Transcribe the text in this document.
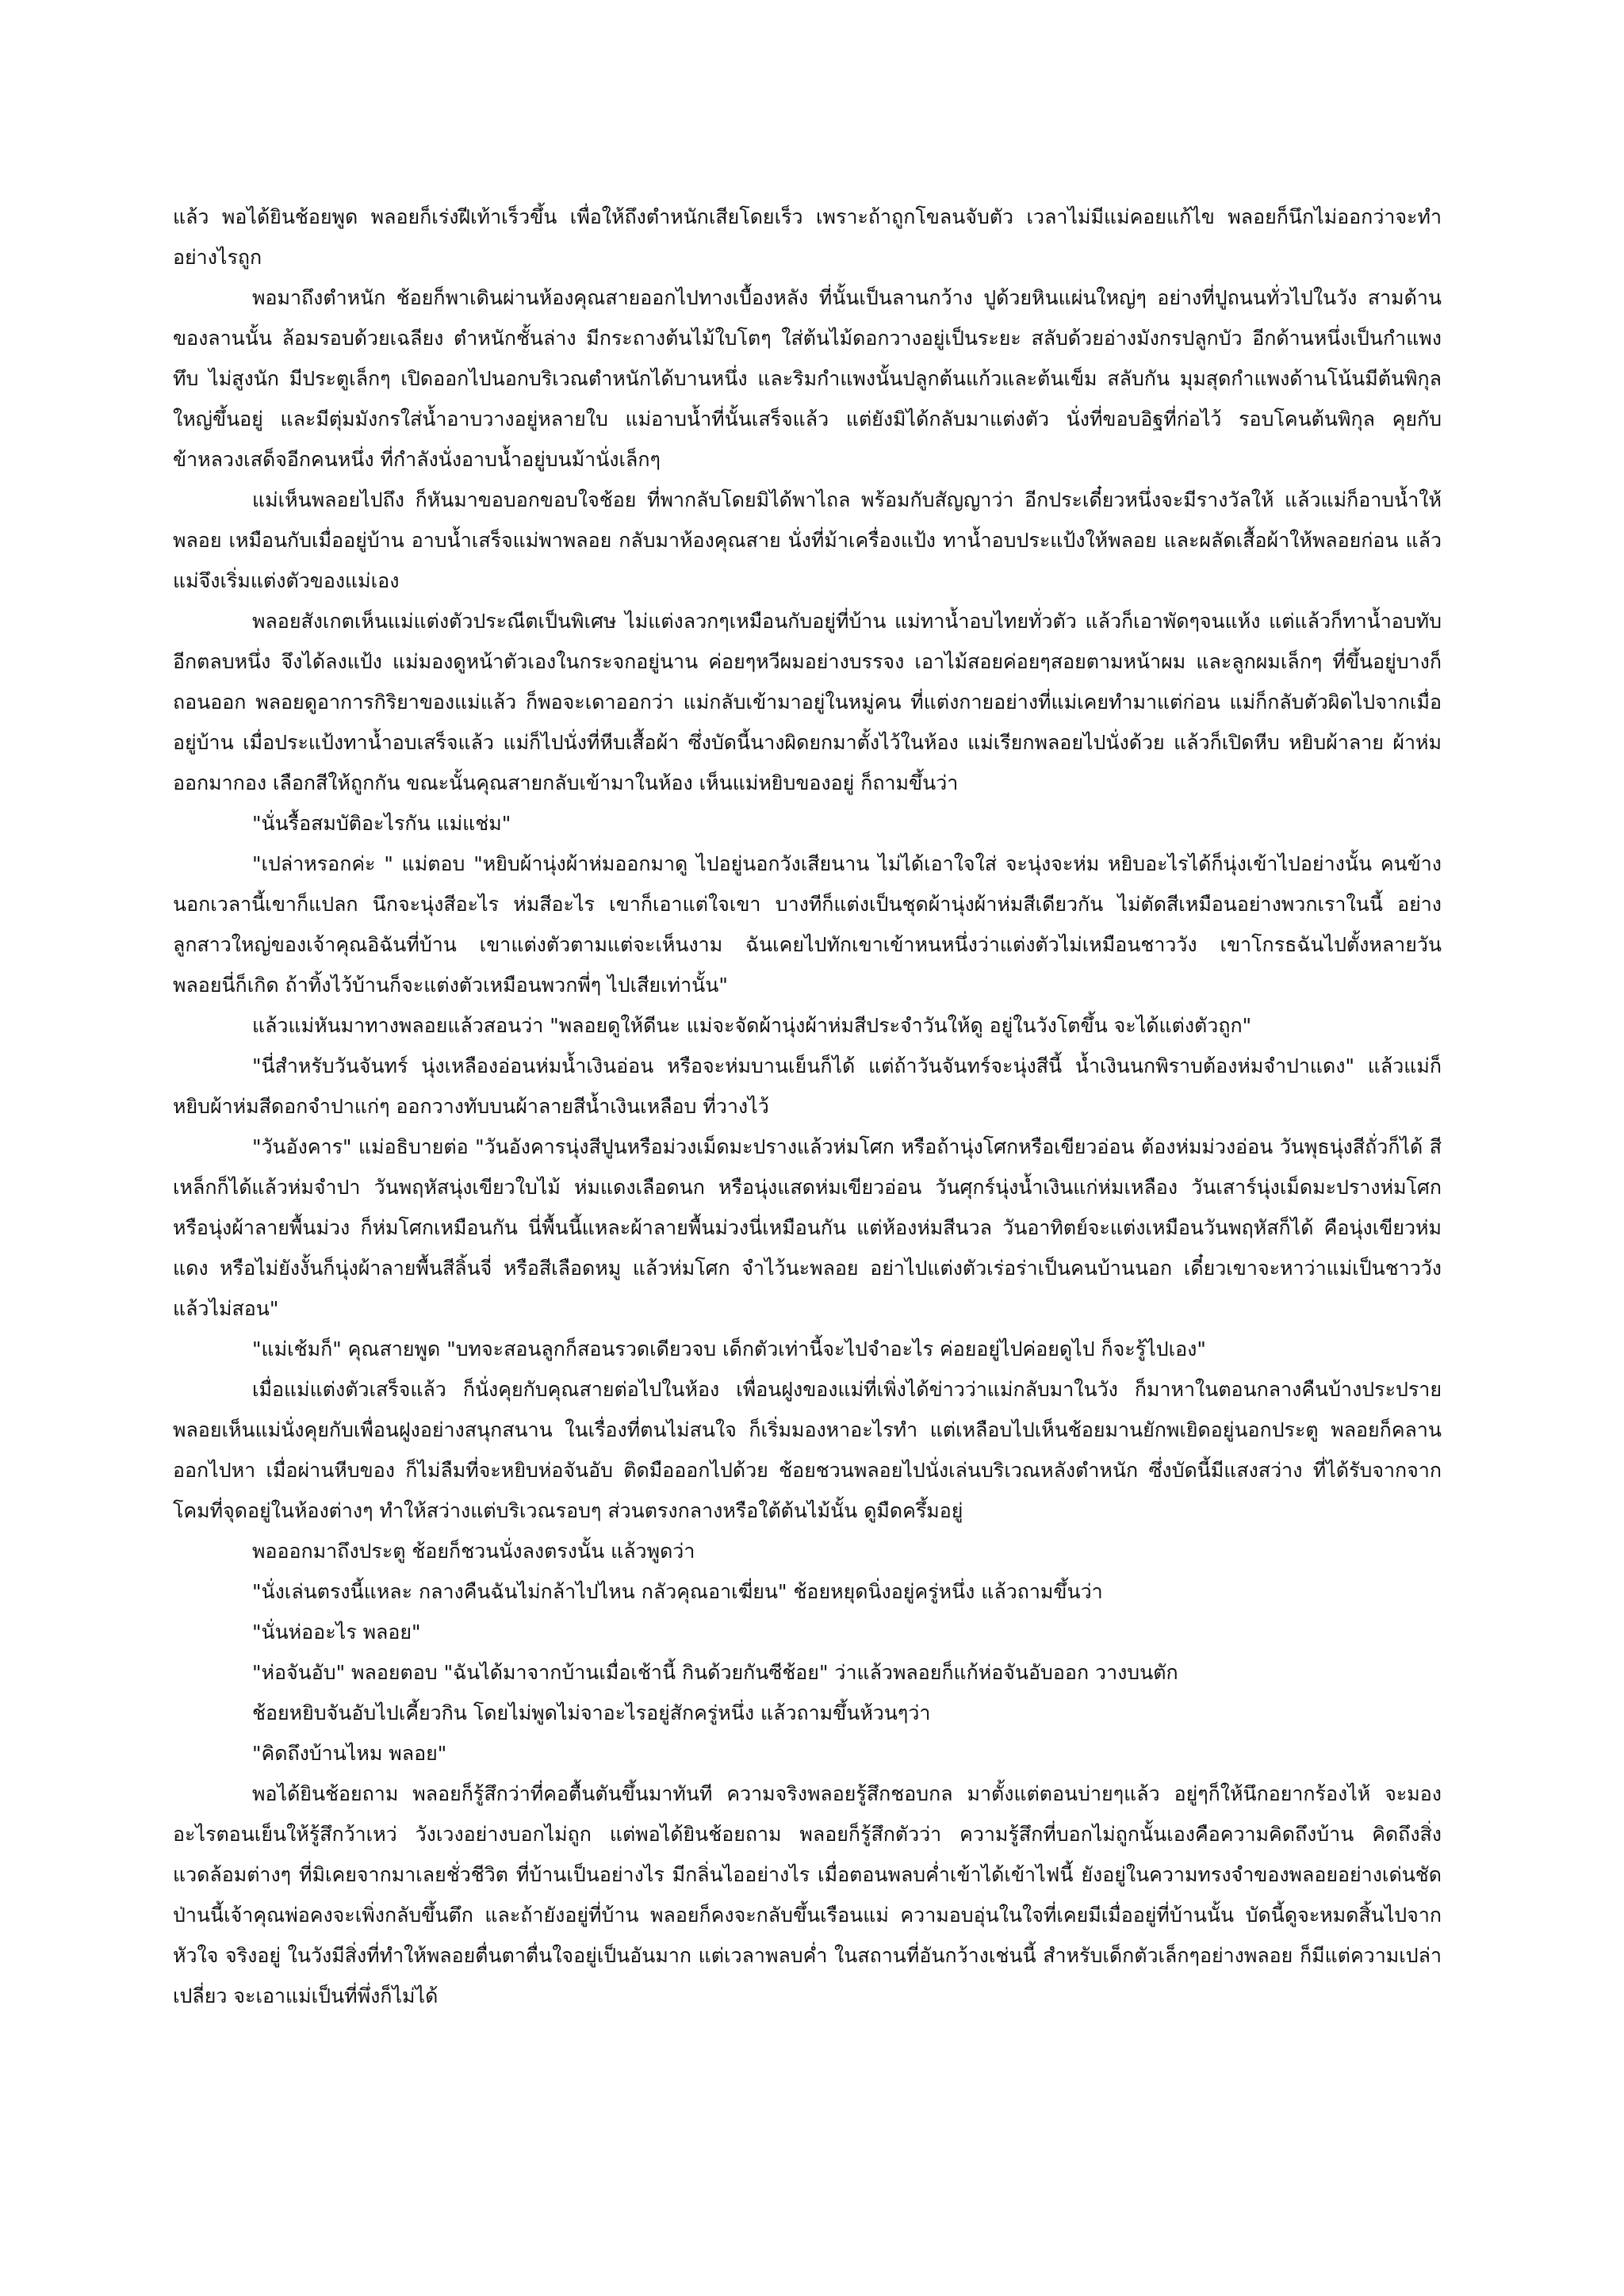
แล้ว พอได้ยินช้อยพูด พลอยก็เร่งฝีเท้าเร็วขึ้น เพื่อให้ถึงตำหนักเสียโดยเร็ว เพราะถ้าถูกโขลนจับตัว เวลาไม่มีแม่คอยแก้ไข พลอยก็นึกไม่ออกว่าจะทำอย่างไรถูก

พอมาถึงตำหนัก ช้อยก็พาเดินผ่านห้องคุณสายออกไปทางเบื้องหลัง ที่นั้นเป็นลานกว้าง ปูด้วยหินแผ่นใหญ่ๆ อย่างที่ปูถนนทั่วไปในวัง สามด้านของลานนั้น ล้อมรอบด้วยเฉลียง ตำหนักชั้นล่าง มีกระถางต้นไม้ใบโตๆ ใส่ต้นไม้ดอกวางอยู่เป็นระยะ สลับด้วยอ่างมังกรปลูกบัว อีกด้านหนึ่งเป็นกำแพงทึบ ไม่สูงนัก มีประตูเล็กๆ เปิดออกไปนอกบริเวณตำหนักได้บานหนึ่ง และริมกำแพงนั้นปลูกต้นแก้วและต้นเข็ม สลับกัน มุมสุดกำแพงด้านโน้นมีต้นพิกุลใหญ่ขึ้นอยู่ และมีตุ่มมังกรใส่น้ำอาบวางอยู่หลายใบ แม่อาบน้ำที่นั้นเสร็จแล้ว แต่ยังมิได้กลับมาแต่งตัว นั่งที่ขอบอิฐที่ก่อไว้ รอบโคนต้นพิกุล คุยกับข้าหลวงเสด็จอีกคนหนึ่ง ที่กำลังนั่งอาบน้ำอยู่บนม้านั่งเล็กๆ

แม่เห็นพลอยไปถึง ก็หันมาขอบอกขอบใจช้อย ที่พากลับโดยมิได้พาไถล พร้อมกับสัญญาว่า อีกประเดี๋ยวหนึ่งจะมีรางวัลให้ แล้วแม่ก็อาบน้ำให้พลอย เหมือนกับเมื่ออยู่บ้าน อาบน้ำเสร็จแม่พาพลอย กลับมาห้องคุณสาย นั่งที่ม้าเครื่องแป้ง ทาน้ำอบประแป้งให้พลอย และผลัดเสื้อผ้าให้พลอยก่อน แล้วแม่จึงเริ่มแต่งตัวของแม่เอง

พลอยสังเกตเห็นแม่แต่งตัวประณีตเป็นพิเศษ ไม่แต่งลวกๆเหมือนกับอยู่ที่บ้าน แม่ทาน้ำอบไทยทั่วตัว แล้วก็เอาพัดๆจนแห้ง แต่แล้วก็ทาน้ำอบทับอีกตลบหนึ่ง จึงได้ลงแป้ง แม่มองดูหน้าตัวเองในกระจกอยู่นาน ค่อยๆหวีผมอย่างบรรจง เอาไม้สอยค่อยๆสอยตามหน้าผม และลูกผมเล็กๆ ที่ขึ้นอยู่บางก็ถอนออก พลอยดูอาการกิริยาของแม่แล้ว ก็พอจะเดาออกว่า แม่กลับเข้ามาอยู่ในหมู่คน ที่แต่งกายอย่างที่แม่เคยทำมาแต่ก่อน แม่ก็กลับตัวผิดไปจากเมื่ออยู่บ้าน เมื่อประแป้งทาน้ำอบเสร็จแล้ว แม่ก็ไปนั่งที่หีบเสื้อผ้า ซึ่งบัดนี้นางผิดยกมาตั้งไว้ในห้อง แม่เรียกพลอยไปนั่งด้วย แล้วก็เปิดหีบ หยิบผ้าลาย ผ้าห่มออกมากอง เลือกสีให้ถูกกัน ขณะนั้นคุณสายกลับเข้ามาในห้อง เห็นแม่หยิบของอยู่ ก็ถามขึ้นว่า

"นั่นรื้อสมบัติอะไรกัน แม่แช่ม"

"เปล่าหรอกค่ะ " แม่ตอบ "หยิบผ้านุ่งผ้าห่มออกมาดู ไปอยู่นอกวังเสียนาน ไม่ได้เอาใจใส่ จะนุ่งจะห่ม หยิบอะไรได้ก็นุ่งเข้าไปอย่างนั้น คนข้างนอกเวลานี้เขาก็แปลก นึกจะนุ่งสีอะไร ห่มสีอะไร เขาก็เอาแต่ใจเขา บางทีก็แต่งเป็นชุดผ้านุ่งผ้าห่มสีเดียวกัน ไม่ตัดสีเหมือนอย่างพวกเราในนี้ อย่างลูกสาวใหญ่ของเจ้าคุณอิฉันที่บ้าน เขาแต่งตัวตามแต่จะเห็นงาม ฉันเคยไปทักเขาเข้าหนหนึ่งว่าแต่งตัวไม่เหมือนชาววัง เขาโกรธฉันไปตั้งหลายวัน พลอยนี่ก็เกิด ถ้าทิ้งไว้บ้านก็จะแต่งตัวเหมือนพวกพี่ๆ ไปเสียเท่านั้น"

แล้วแม่หันมาทางพลอยแล้วสอนว่า "พลอยดูให้ดีนะ แม่จะจัดผ้านุ่งผ้าห่มสีประจำวันให้ดู อยู่ในวังโตขึ้น จะได้แต่งตัวถูก"

"นี่สำหรับวันจันทร์ นุ่งเหลืองอ่อนห่มน้ำเงินอ่อน หรือจะห่มบานเย็นก็ได้ แต่ถ้าวันจันทร์จะนุ่งสีนี้ น้ำเงินนกพิราบต้องห่มจำปาแดง" แล้วแม่ก็หยิบผ้าห่มสีดอกจำปาแก่ๆ ออกวางทับบนผ้าลายสีน้ำเงินเหลือบ ที่วางไว้

"วันอังคาร" แม่อธิบายต่อ "วันอังคารนุ่งสีปูนหรือม่วงเม็ดมะปรางแล้วห่มโศก หรือถ้านุ่งโศกหรือเขียวอ่อน ต้องห่มม่วงอ่อน วันพุธนุ่งสีถั่วก็ได้ สีเหล็กก็ได้แล้วห่มจำปา วันพฤหัสนุ่งเขียวใบไม้ ห่มแดงเลือดนก หรือนุ่งแสดห่มเขียวอ่อน วันศุกร์นุ่งน้ำเงินแก่ห่มเหลือง วันเสาร์นุ่งเม็ดมะปรางห่มโศก หรือนุ่งผ้าลายพื้นม่วง ก็ห่มโศกเหมือนกัน นี่พื้นนี้แหละผ้าลายพื้นม่วงนี่เหมือนกัน แต่ห้องห่มสีนวล วันอาทิตย์จะแต่งเหมือนวันพฤหัสก็ได้ คือนุ่งเขียวห่มแดง หรือไม่ยังงั้นก็นุ่งผ้าลายพื้นสีลิ้นจี่ หรือสีเลือดหมู แล้วห่มโศก จำไว้นะพลอย อย่าไปแต่งตัวเร่อร่าเป็นคนบ้านนอก เดี๋ยวเขาจะหาว่าแม่เป็นชาววังแล้วไม่สอน"

"แม่เช้มก็" คุณสายพูด "บทจะสอนลูกก็สอนรวดเดียวจบ เด็กตัวเท่านี้จะไปจำอะไร ค่อยอยู่ไปค่อยดูไป ก็จะรู้ไปเอง"

เมื่อแม่แต่งตัวเสร็จแล้ว ก็นั่งคุยกับคุณสายต่อไปในห้อง เพื่อนฝูงของแม่ที่เพิ่งได้ข่าวว่าแม่กลับมาในวัง ก็มาหาในตอนกลางคืนบ้างประปราย พลอยเห็นแม่นั่งคุยกับเพื่อนฝูงอย่างสนุกสนาน ในเรื่องที่ตนไม่สนใจ ก็เริ่มมองหาอะไรทำ แต่เหลือบไปเห็นช้อยมานยักพเยิดอยู่นอกประตู พลอยก็คลานออกไปหา เมื่อผ่านหีบของ ก็ไม่ลืมที่จะหยิบห่อจันอับ ติดมือออกไปด้วย ช้อยชวนพลอยไปนั่งเล่นบริเวณหลังตำหนัก ซึ่งบัดนี้มีแสงสว่าง ที่ได้รับจากจากโคมที่จุดอยู่ในห้องต่างๆ ทำให้สว่างแต่บริเวณรอบๆ ส่วนตรงกลางหรือใต้ต้นไม้นั้น ดูมืดครึ้มอยู่

พอออกมาถึงประตู ช้อยก็ชวนนั่งลงตรงนั้น แล้วพูดว่า

"นั่งเล่นตรงนี้แหละ กลางคืนฉันไม่กล้าไปไหน กลัวคุณอาเฆี่ยน" ช้อยหยุดนิ่งอยู่ครู่หนึ่ง แล้วถามขึ้นว่า

"นั่นห่ออะไร พลอย"

"ห่อจันอับ" พลอยตอบ "ฉันได้มาจากบ้านเมื่อเช้านี้ กินด้วยกันซีช้อย" ว่าแล้วพลอยก็แก้ห่อจันอับออก วางบนตัก

ช้อยหยิบจันอับไปเคี้ยวกิน โดยไม่พูดไม่จาอะไรอยู่สักครู่หนึ่ง แล้วถามขึ้นห้วนๆว่า

"คิดถึงบ้านไหม พลอย"

พอได้ยินช้อยถาม พลอยก็รู้สึกว่าที่คอตื้นตันขึ้นมาทันที ความจริงพลอยรู้สึกชอบกล มาตั้งแต่ตอนบ่ายๆแล้ว อยู่ๆก็ให้นึกอยากร้องไห้ จะมองอะไรตอนเย็นให้รู้สึกว้าเหว่ วังเวงอย่างบอกไม่ถูก แต่พอได้ยินช้อยถาม พลอยก็รู้สึกตัวว่า ความรู้สึกที่บอกไม่ถูกนั้นเองคือความคิดถึงบ้าน คิดถึงสิ่งแวดล้อมต่างๆ ที่มิเคยจากมาเลยชั่วชีวิต ที่บ้านเป็นอย่างไร มีกลิ่นไออย่างไร เมื่อตอนพลบค่ำเข้าได้เข้าไฟนี้ ยังอยู่ในความทรงจำของพลอยอย่างเด่นชัด ป่านนี้เจ้าคุณพ่อคงจะเพิ่งกลับขึ้นตึก และถ้ายังอยู่ที่บ้าน พลอยก็คงจะกลับขึ้นเรือนแม่ ความอบอุ่นในใจที่เคยมีเมื่ออยู่ที่บ้านนั้น บัดนี้ดูจะหมดสิ้นไปจากหัวใจ จริงอยู่ ในวังมีสิ่งที่ทำให้พลอยตื่นตาตื่นใจอยู่เป็นอันมาก แต่เวลาพลบค่ำ ในสถานที่อันกว้างเช่นนี้ สำหรับเด็กตัวเล็กๆอย่างพลอย ก็มีแต่ความเปล่าเปลี่ยว จะเอาแม่เป็นที่พึ่งก็ไม่ได้
